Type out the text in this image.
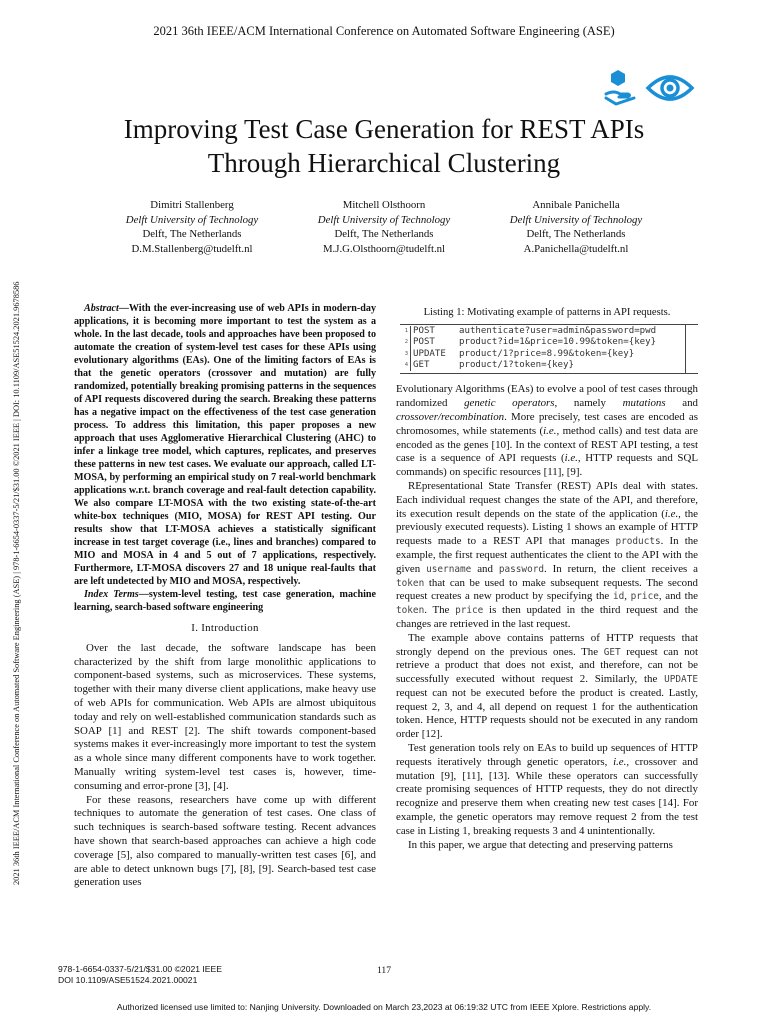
2021 36th IEEE/ACM International Conference on Automated Software Engineering (ASE)
2021 36th IEEE/ACM International Conference on Automated Software Engineering (ASE) | 978-1-6654-0337-5/21/$31.00 ©2021 IEEE | DOI: 10.1109/ASE51524.2021.9678586
Improving Test Case Generation for REST APIs
Through Hierarchical Clustering
Dimitri Stallenberg
Delft University of Technology
Delft, The Netherlands
D.M.Stallenberg@tudelft.nl
Mitchell Olsthoorn
Delft University of Technology
Delft, The Netherlands
M.J.G.Olsthoorn@tudelft.nl
Annibale Panichella
Delft University of Technology
Delft, The Netherlands
A.Panichella@tudelft.nl

Abstract—With the ever-increasing use of web APIs in modern-day applications, it is becoming more important to test the system as a whole. In the last decade, tools and approaches have been proposed to automate the creation of system-level test cases for these APIs using evolutionary algorithms (EAs). One of the limiting factors of EAs is that the genetic operators (crossover and mutation) are fully randomized, potentially breaking promising patterns in the sequences of API requests discovered during the search. Breaking these patterns has a negative impact on the effectiveness of the test case generation process. To address this limitation, this paper proposes a new approach that uses Agglomerative Hierarchical Clustering (AHC) to infer a linkage tree model, which captures, replicates, and preserves these patterns in new test cases. We evaluate our approach, called LT-MOSA, by performing an empirical study on 7 real-world benchmark applications w.r.t. branch coverage and real-fault detection capability. We also compare LT-MOSA with the two existing state-of-the-art white-box techniques (MIO, MOSA) for REST API testing. Our results show that LT-MOSA achieves a statistically significant increase in test target coverage (i.e., lines and branches) compared to MIO and MOSA in 4 and 5 out of 7 applications, respectively. Furthermore, LT-MOSA discovers 27 and 18 unique real-faults that are left undetected by MIO and MOSA, respectively.

Index Terms—system-level testing, test case generation, machine learning, search-based software engineering

I. Introduction

Over the last decade, the software landscape has been characterized by the shift from large monolithic applications to component-based systems, such as microservices. These systems, together with their many diverse client applications, make heavy use of web APIs for communication. Web APIs are almost ubiquitous today and rely on well-established communication standards such as SOAP [1] and REST [2]. The shift towards component-based systems makes it ever-increasingly more important to test the system as a whole since many different components have to work together. Manually writing system-level test cases is, however, time-consuming and error-prone [3], [4].

For these reasons, researchers have come up with different techniques to automate the generation of test cases. One class of such techniques is search-based software testing. Recent advances have shown that search-based approaches can achieve a high code coverage [5], also compared to manually-written test cases [6], and are able to detect unknown bugs [7], [8], [9]. Search-based test case generation uses

Listing 1: Motivating example of patterns in API requests.
1 POST	authenticate?user=admin&password=pwd
2 POST	product?id=1&price=10.99&token={key}
3 UPDATE	product/1?price=8.99&token={key}
4 GET	product/1?token={key}

Evolutionary Algorithms (EAs) to evolve a pool of test cases through randomized genetic operators, namely mutations and crossover/recombination. More precisely, test cases are encoded as chromosomes, while statements (i.e., method calls) and test data are encoded as the genes [10]. In the context of REST API testing, a test case is a sequence of API requests (i.e., HTTP requests and SQL commands) on specific resources [11], [9].

REpresentational State Transfer (REST) APIs deal with states. Each individual request changes the state of the API, and therefore, its execution result depends on the state of the application (i.e., the previously executed requests). Listing 1 shows an example of HTTP requests made to a REST API that manages products. In the example, the first request authenticates the client to the API with the given username and password. In return, the client receives a token that can be used to make subsequent requests. The second request creates a new product by specifying the id, price, and the token. The price is then updated in the third request and the changes are retrieved in the last request.

The example above contains patterns of HTTP requests that strongly depend on the previous ones. The GET request can not retrieve a product that does not exist, and therefore, can not be successfully executed without request 2. Similarly, the UPDATE request can not be executed before the product is created. Lastly, request 2, 3, and 4, all depend on request 1 for the authentication token. Hence, HTTP requests should not be executed in any random order [12].

Test generation tools rely on EAs to build up sequences of HTTP requests iteratively through genetic operators, i.e., crossover and mutation [9], [11], [13]. While these operators can successfully create promising sequences of HTTP requests, they do not directly recognize and preserve them when creating new test cases [14]. For example, the genetic operators may remove request 2 from the test case in Listing 1, breaking requests 3 and 4 unintentionally.

In this paper, we argue that detecting and preserving patterns

978-1-6654-0337-5/21/$31.00 ©2021 IEEE
DOI 10.1109/ASE51524.2021.00021
117
Authorized licensed use limited to: Nanjing University. Downloaded on March 23,2023 at 06:19:32 UTC from IEEE Xplore. Restrictions apply.
